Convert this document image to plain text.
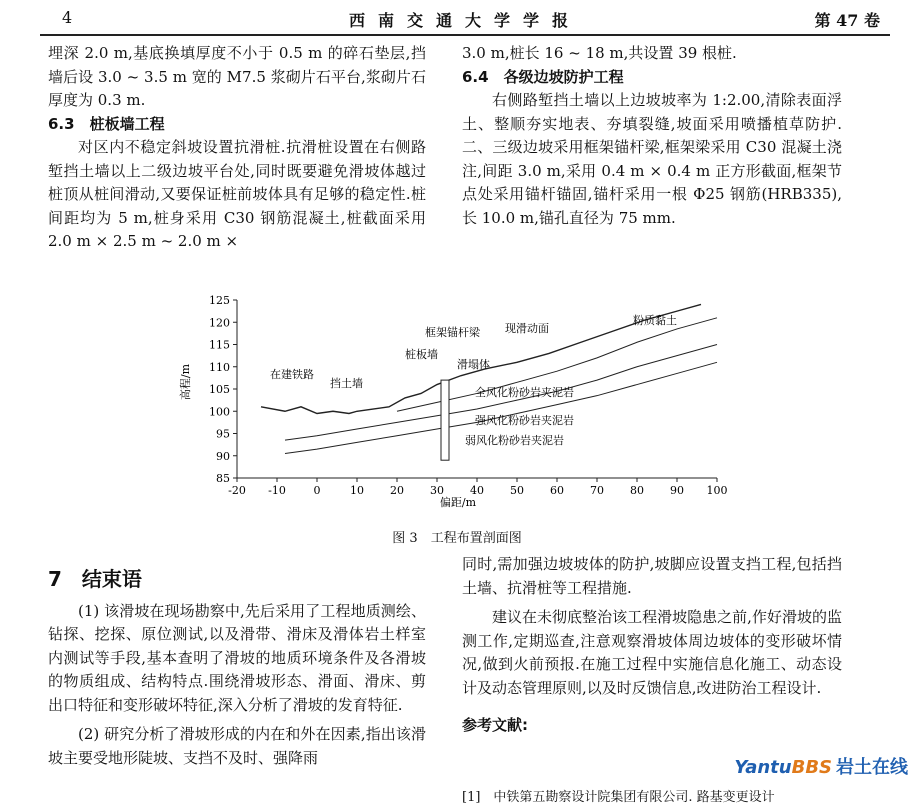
4	西南交通大学学报	第 47 卷

埋深 2.0 m,基底换填厚度不小于 0.5 m 的碎石垫层,挡墙后设 3.0 ~ 3.5 m 宽的 M7.5 浆砌片石平台,浆砌片石厚度为 0.3 m.

6.3　桩板墙工程

对区内不稳定斜坡设置抗滑桩.抗滑桩设置在右侧路堑挡土墙以上二级边坡平台处,同时既要避免滑坡体越过桩顶从桩间滑动,又要保证桩前坡体具有足够的稳定性.桩间距均为 5 m,桩身采用 C30 钢筋混凝土,桩截面采用 2.0 m × 2.5 m ~ 2.0 m ×

3.0 m,桩长 16 ~ 18 m,共设置 39 根桩.

6.4　各级边坡防护工程

右侧路堑挡土墙以上边坡坡率为 1:2.00,清除表面浮土、整顺夯实地表、夯填裂缝,坡面采用喷播植草防护.二、三级边坡采用框架锚杆梁,框架梁采用 C30 混凝土浇注,间距 3.0 m,采用 0.4 m × 0.4 m 正方形截面,框架节点处采用锚杆锚固,锚杆采用一根 Φ25 钢筋(HRB335),长 10.0 m,锚孔直径为 75 mm.

-20 -10	0	10 20 30 40 50 60 70 80 90 100
85
90
95
100
105
110
115
120
125
在建铁路
挡土墙
桩板墙
框架锚杆梁
滑塌体
现滑动面
粉质黏土
全风化粉砂岩夹泥岩
强风化粉砂岩夹泥岩
弱风化粉砂岩夹泥岩
偏距/m
高程/m
图 3　工程布置剖面图
7　结束语

(1) 该滑坡在现场勘察中,先后采用了工程地质测绘、钻探、挖探、原位测试,以及滑带、滑床及滑体岩土样室内测试等手段,基本查明了滑坡的地质环境条件及各滑坡的物质组成、结构特点.围绕滑坡形态、滑面、滑床、剪出口特征和变形破坏特征,深入分析了滑坡的发育特征.

(2) 研究分析了滑坡形成的内在和外在因素,指出该滑坡主要受地形陡坡、支挡不及时、强降雨

同时,需加强边坡坡体的防护,坡脚应设置支挡工程,包括挡土墙、抗滑桩等工程措施.

建议在未彻底整治该工程滑坡隐患之前,作好滑坡的监测工作,定期巡查,注意观察滑坡体周边坡体的变形破坏情况,做到火前预报.在施工过程中实施信息化施工、动态设计及动态管理原则,以及时反馈信息,改进防治工程设计.

参考文献:

[1]　中铁第五勘察设计院集团有限公司. 路基变更设计
YantuBBS 岩土在线
